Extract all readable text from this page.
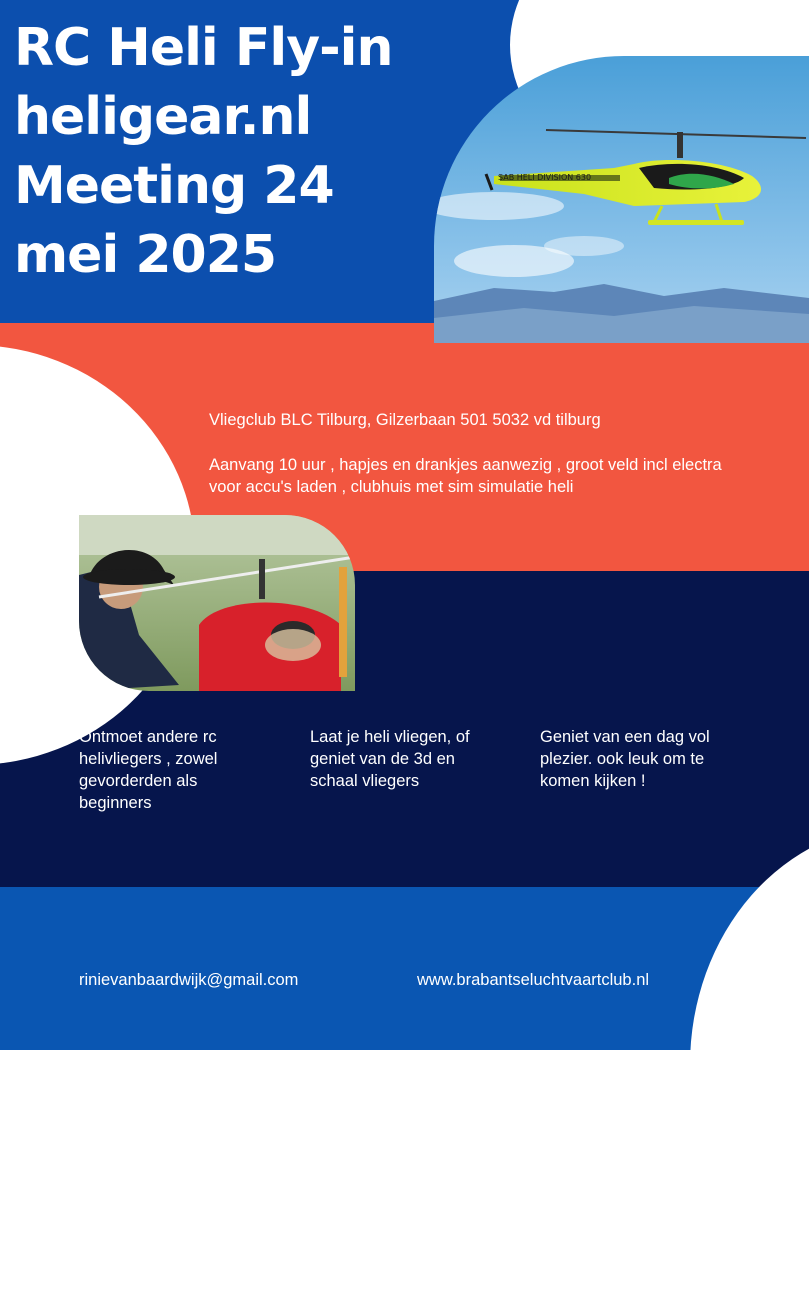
SAB HELI DIVISION 630
RC Heli Fly-in
heligear.nl
Meeting 24
mei 2025

Vliegclub BLC Tilburg, Gilzerbaan 501 5032 vd tilburg

Aanvang 10 uur , hapjes en drankjes aanwezig , groot veld incl electra voor accu's laden , clubhuis met sim simulatie heli

Ontmoet andere rc helivliegers , zowel gevorderden als beginners

Laat je heli vliegen, of geniet van de 3d en schaal vliegers

Geniet van een dag vol plezier. ook leuk om te komen kijken !

rinievanbaardwijk@gmail.com	www.brabantseluchtvaartclub.nl
